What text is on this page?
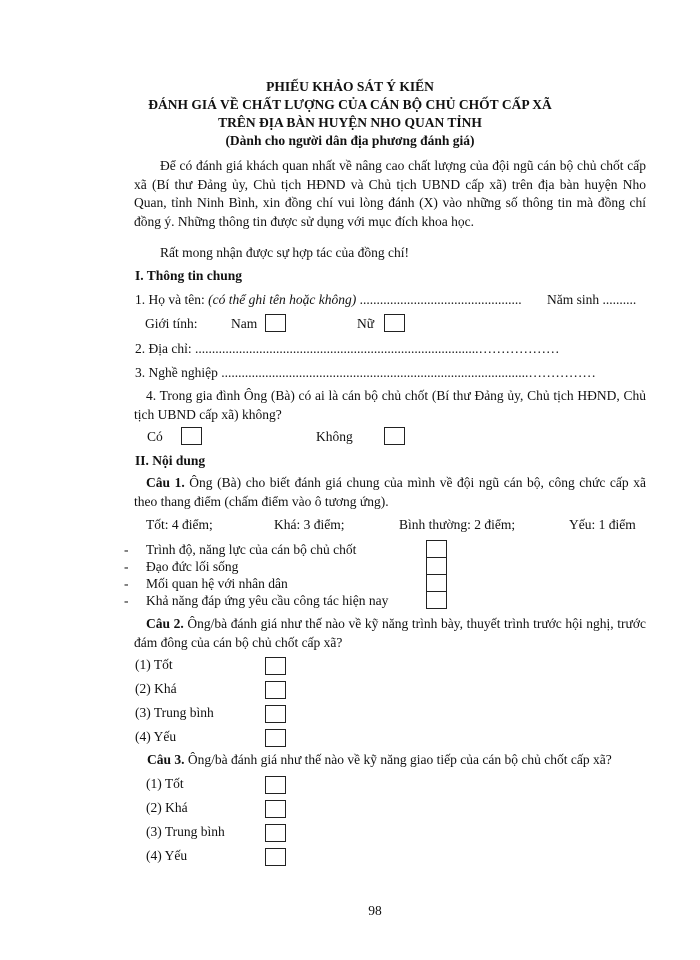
PHIẾU KHẢO SÁT Ý KIẾN
ĐÁNH GIÁ VỀ CHẤT LƯỢNG CỦA CÁN BỘ CHỦ CHỐT CẤP XÃ
TRÊN ĐỊA BÀN HUYỆN NHO QUAN TỈNH
(Dành cho người dân địa phương đánh giá)
Để có đánh giá khách quan nhất về nâng cao chất lượng của đội ngũ cán bộ chủ chốt cấp xã (Bí thư Đảng ủy, Chủ tịch HĐND và Chủ tịch UBND cấp xã) trên địa bàn huyện Nho Quan, tỉnh Ninh Bình, xin đồng chí vui lòng đánh (X) vào những số thông tin mà đồng chí đồng ý. Những thông tin được sử dụng với mục đích khoa học.
Rất mong nhận được sự hợp tác của đồng chí!
I. Thông tin chung
1. Họ và tên: (có thể ghi tên hoặc không) ................................................ Năm sinh ..........
Giới tính: Nam	Nữ
2. Địa chỉ: ....................................................................................………………
3. Nghề nghiệp ...........................................................................................……………
4. Trong gia đình Ông (Bà) có ai là cán bộ chủ chốt (Bí thư Đảng ủy, Chủ tịch HĐND, Chủ tịch UBND cấp xã) không?
Có	Không
II. Nội dung
Câu 1. Ông (Bà) cho biết đánh giá chung của mình về đội ngũ cán bộ, công chức cấp xã theo thang điểm (chấm điểm vào ô tương ứng).
Tốt: 4 điểm;	Khá: 3 điểm;	Bình thường: 2 điểm;	Yếu: 1 điểm
- Trình độ, năng lực của cán bộ chủ chốt
- Đạo đức lối sống
- Mối quan hệ với nhân dân
- Khả năng đáp ứng yêu cầu công tác hiện nay
Câu 2. Ông/bà đánh giá như thế nào về kỹ năng trình bày, thuyết trình trước hội nghị, trước đám đông của cán bộ chủ chốt cấp xã?
(1) Tốt
(2) Khá
(3) Trung bình
(4) Yếu
Câu 3. Ông/bà đánh giá như thế nào về kỹ năng giao tiếp của cán bộ chủ chốt cấp xã?
(1) Tốt
(2) Khá
(3) Trung bình
(4) Yếu
98
